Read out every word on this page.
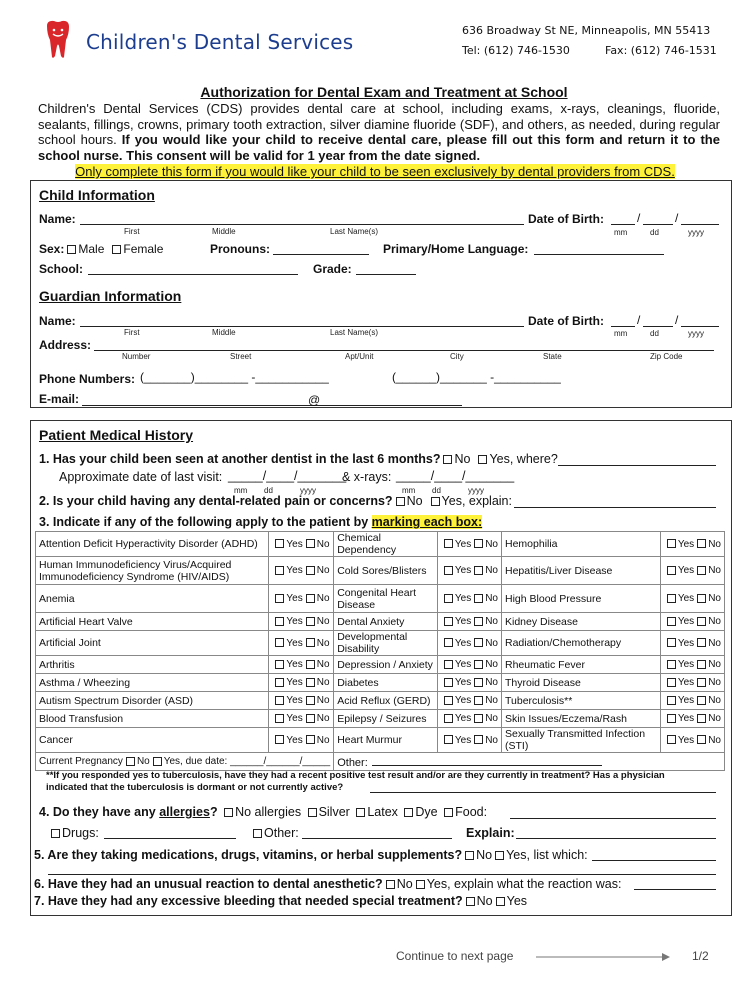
Children's Dental Services	636 Broadway St NE, Minneapolis, MN 55413
Tel: (612) 746-1530	Fax: (612) 746-1531
Authorization for Dental Exam and Treatment at School
Children's Dental Services (CDS) provides dental care at school, including exams, x-rays, cleanings, fluoride, sealants, fillings, crowns, primary tooth extraction, silver diamine fluoride (SDF), and others, as needed, during regular school hours. If you would like your child to receive dental care, please fill out this form and return it to the school nurse. This consent will be valid for 1 year from the date signed.
Only complete this form if you would like your child to be seen exclusively by dental providers from CDS.
Child Information
Name:
First	Middle	Last Name(s)
Date of Birth:	/	/
mm	dd	yyyy
Sex: Male Female	Pronouns:	Primary/Home Language:
School:	Grade:
Guardian Information
Name:
First	Middle	Last Name(s)
Date of Birth:	/	/
mm	dd	yyyy
Address:
Number	Street	Apt/Unit	City	State	Zip Code
Phone Numbers: (_______)________ -___________	(______)_______ -__________
E-mail:	@
Patient Medical History
1. Has your child been seen at another dentist in the last 6 months? No Yes, where?
Approximate date of last visit: _____/____/_______
& x-rays: _____/____/_______
mm dd	yyyy	mm dd	yyyy
2. Is your child having any dental-related pain or concerns? No Yes, explain:
3. Indicate if any of the following apply to the patient by marking each box:
Attention Deficit Hyperactivity Disorder (ADHD)	Yes No	Chemical Dependency	Yes No	Hemophilia	Yes No
Human Immunodeficiency Virus/Acquired Immunodeficiency Syndrome (HIV/AIDS)	Yes No	Cold Sores/Blisters	Yes No	Hepatitis/Liver Disease	Yes No
Anemia	Yes No	Congenital Heart Disease	Yes No	High Blood Pressure	Yes No
Artificial Heart Valve	Yes No	Dental Anxiety	Yes No	Kidney Disease	Yes No
Artificial Joint	Yes No	Developmental Disability	Yes No	Radiation/Chemotherapy	Yes No
Arthritis	Yes No	Depression / Anxiety	Yes No	Rheumatic Fever	Yes No
Asthma / Wheezing	Yes No	Diabetes	Yes No	Thyroid Disease	Yes No
Autism Spectrum Disorder (ASD)	Yes No	Acid Reflux (GERD)	Yes No	Tuberculosis**	Yes No
Blood Transfusion	Yes No	Epilepsy / Seizures	Yes No	Skin Issues/Eczema/Rash	Yes No
Cancer	Yes No	Heart Murmur	Yes No	Sexually Transmitted Infection (STI)	Yes No
Current Pregnancy No Yes, due date: ______/______/_____		Other:			
**If you responded yes to tuberculosis, have they had a recent positive test result and/or are they currently in treatment? Has a physician indicated that the tuberculosis is dormant or not currently active?
4. Do they have any allergies? No allergies Silver Latex Dye Food:
Drugs:	Other:	Explain:
5. Are they taking medications, drugs, vitamins, or herbal supplements? No Yes, list which:
6. Have they had an unusual reaction to dental anesthetic? No Yes, explain what the reaction was:
7. Have they had any excessive bleeding that needed special treatment? No Yes
Continue to next page	1/2
